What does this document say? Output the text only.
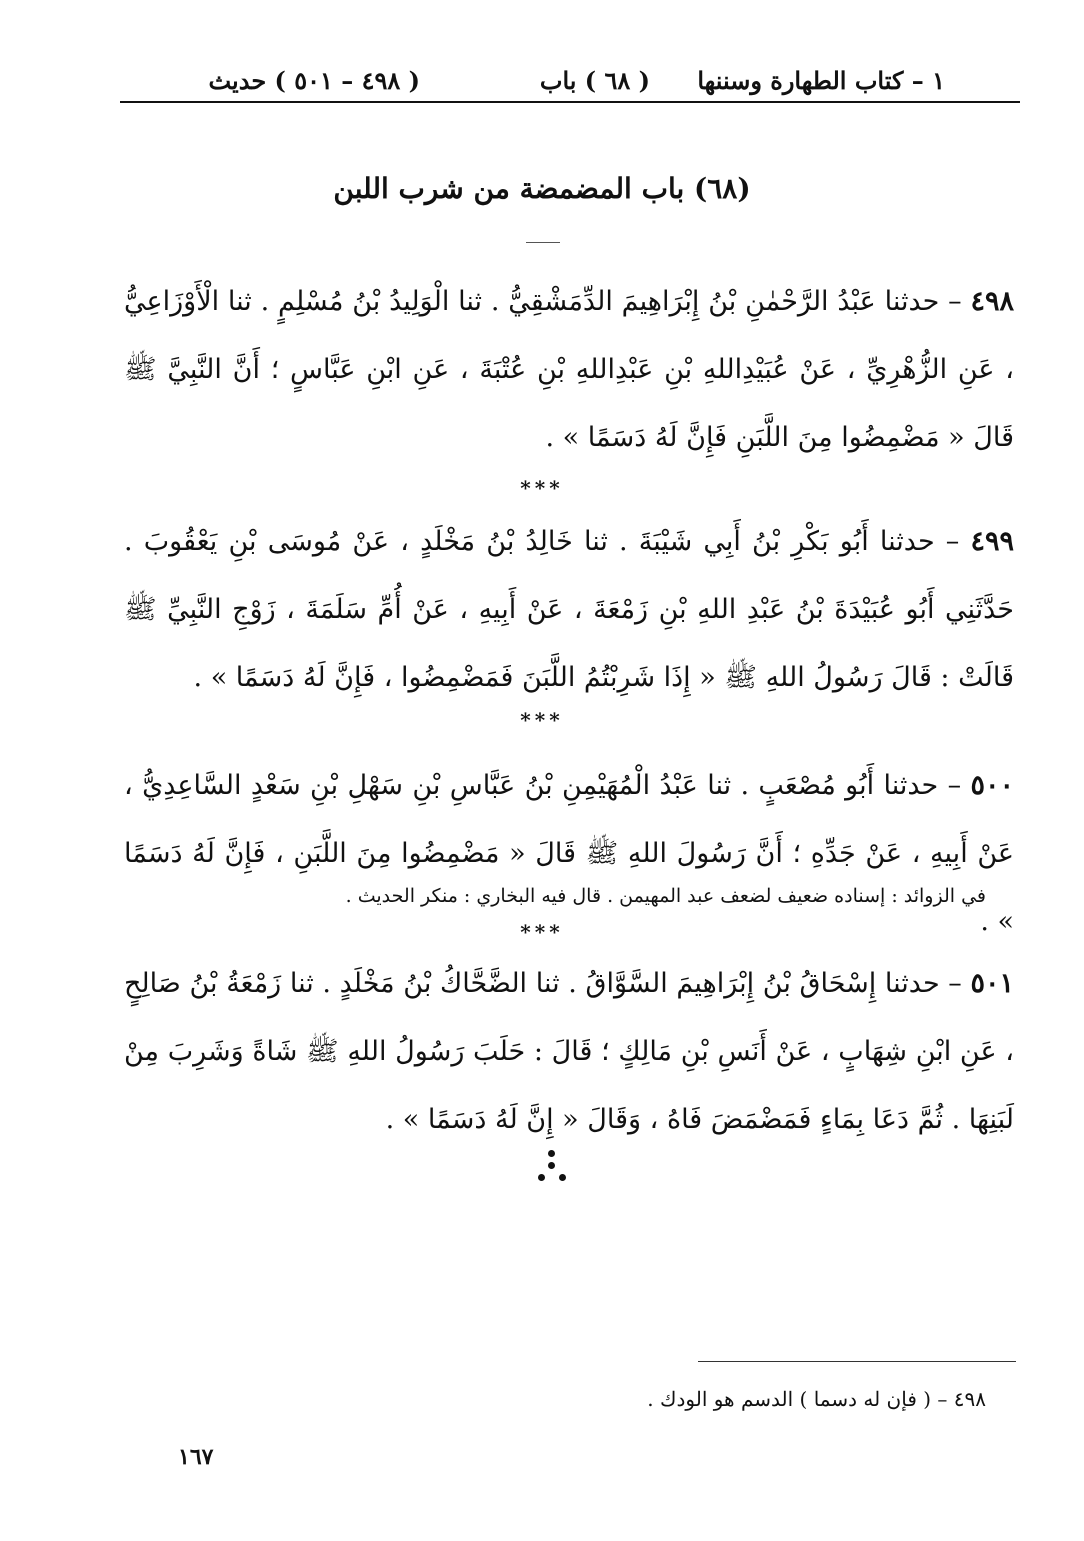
١ – كتاب الطهارة وسننها
( ٦٨ ) باب
( ٤٩٨ – ٥٠١ ) حديث
(٦٨) باب المضمضة من شرب اللبن
٤٩٨ – حدثنا عَبْدُ الرَّحْمٰنِ بْنُ إِبْرَاهِيمَ الدِّمَشْقِيُّ . ثنا الْوَلِيدُ بْنُ مُسْلِمٍ . ثنا الْأَوْزَاعِيُّ ، عَنِ الزُّهْرِيِّ ، عَنْ عُبَيْدِاللهِ بْنِ عَبْدِاللهِ بْنِ عُتْبَةَ ، عَنِ ابْنِ عَبَّاسٍ ؛ أَنَّ النَّبِيَّ ﷺ قَالَ « مَضْمِضُوا مِنَ اللَّبَنِ فَإِنَّ لَهُ دَسَمًا » .
***
٤٩٩ – حدثنا أَبُو بَكْرِ بْنُ أَبِي شَيْبَةَ . ثنا خَالِدُ بْنُ مَخْلَدٍ ، عَنْ مُوسَى بْنِ يَعْقُوبَ . حَدَّثَنِي أَبُو عُبَيْدَةَ بْنُ عَبْدِ اللهِ بْنِ زَمْعَةَ ، عَنْ أَبِيهِ ، عَنْ أُمِّ سَلَمَةَ ، زَوْجِ النَّبِيِّ ﷺ قَالَتْ : قَالَ رَسُولُ اللهِ ﷺ « إِذَا شَرِبْتُمُ اللَّبَنَ فَمَضْمِضُوا ، فَإِنَّ لَهُ دَسَمًا » .
***
٥٠٠ – حدثنا أَبُو مُصْعَبٍ . ثنا عَبْدُ الْمُهَيْمِنِ بْنُ عَبَّاسِ بْنِ سَهْلِ بْنِ سَعْدٍ السَّاعِدِيُّ ، عَنْ أَبِيهِ ، عَنْ جَدِّهِ ؛ أَنَّ رَسُولَ اللهِ ﷺ قَالَ « مَضْمِضُوا مِنَ اللَّبَنِ ، فَإِنَّ لَهُ دَسَمًا » .
في الزوائد : إسناده ضعيف لضعف عبد المهيمن . قال فيه البخاري : منكر الحديث .
***
٥٠١ – حدثنا إِسْحَاقُ بْنُ إِبْرَاهِيمَ السَّوَّاقُ . ثنا الضَّحَّاكُ بْنُ مَخْلَدٍ . ثنا زَمْعَةُ بْنُ صَالِحٍ ، عَنِ ابْنِ شِهَابٍ ، عَنْ أَنَسِ بْنِ مَالِكٍ ؛ قَالَ : حَلَبَ رَسُولُ اللهِ ﷺ شَاةً وَشَرِبَ مِنْ لَبَنِهَا . ثُمَّ دَعَا بِمَاءٍ فَمَضْمَضَ فَاهُ ، وَقَالَ « إِنَّ لَهُ دَسَمًا » .
٤٩٨ – ( فإن له دسما ) الدسم هو الودك .
١٦٧
